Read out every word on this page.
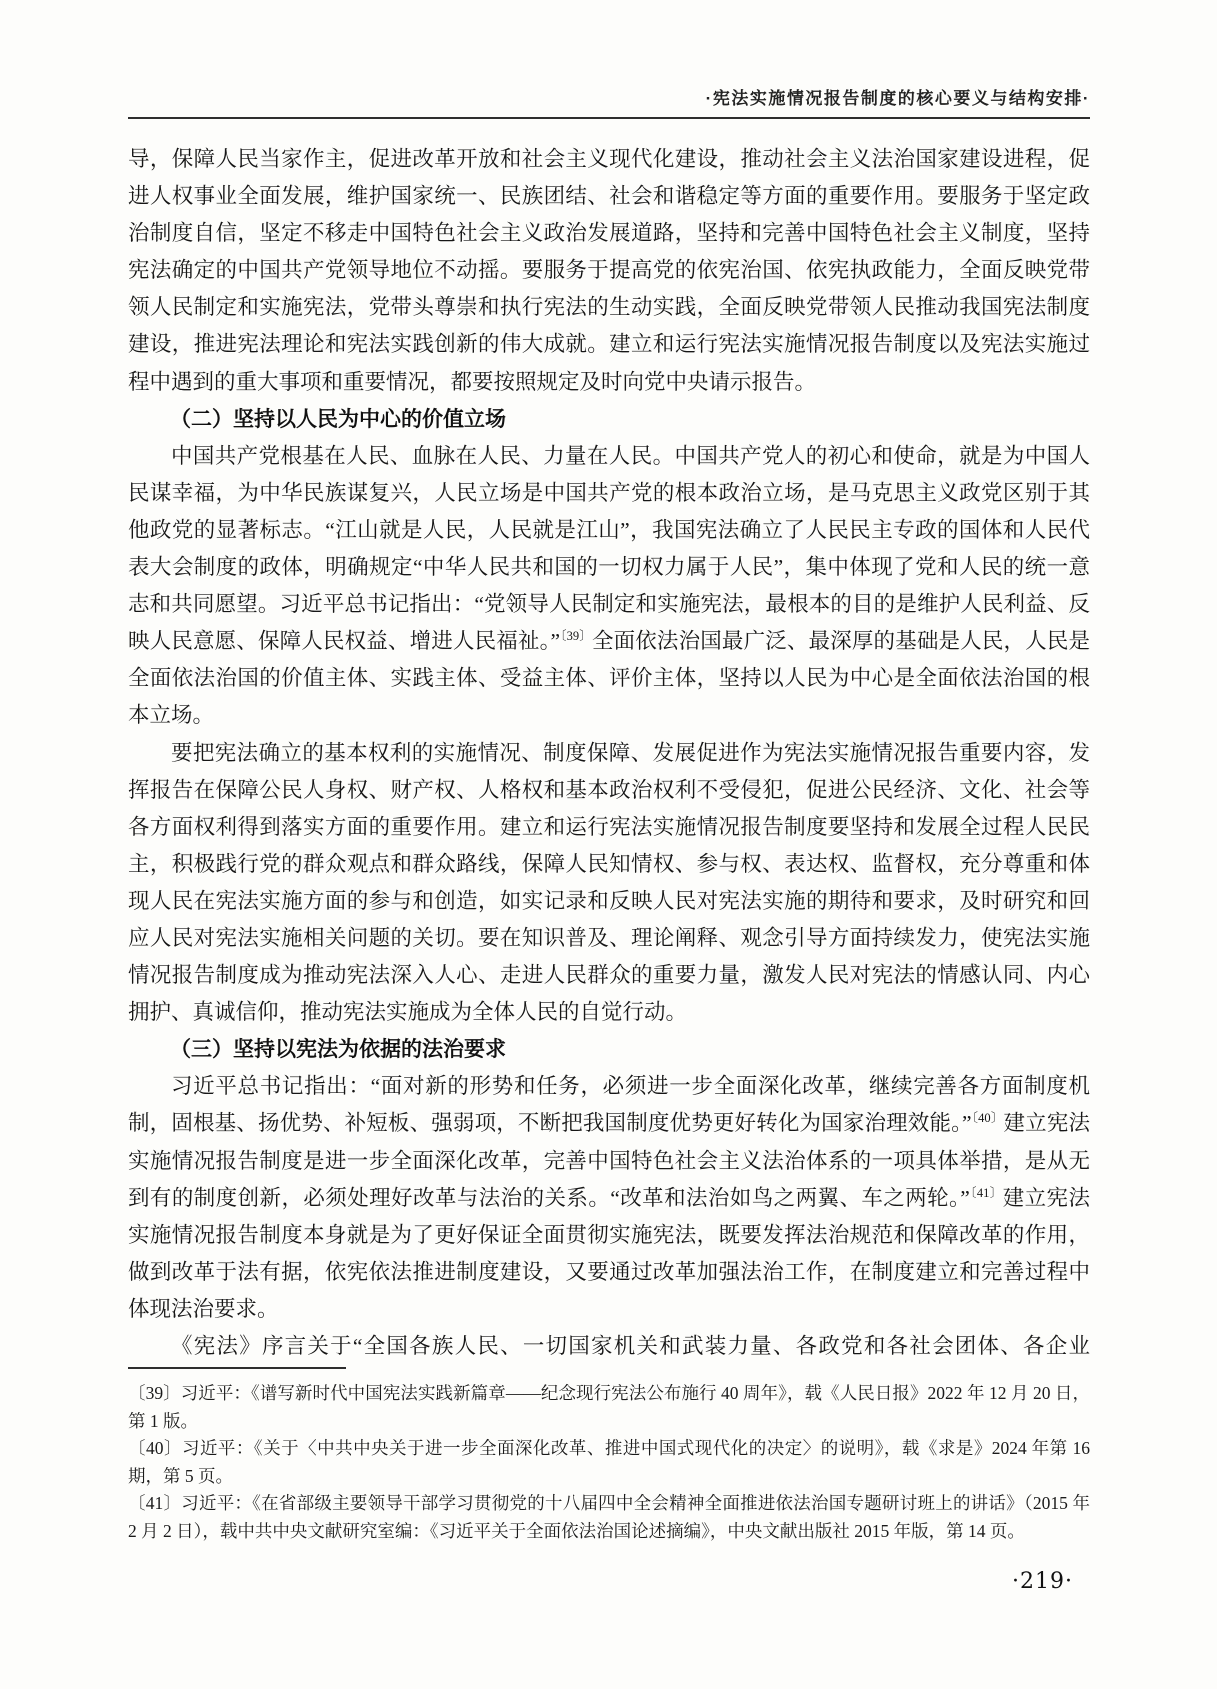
·宪法实施情况报告制度的核心要义与结构安排·

导，保障人民当家作主，促进改革开放和社会主义现代化建设，推动社会主义法治国家建设进程，促进人权事业全面发展，维护国家统一、民族团结、社会和谐稳定等方面的重要作用。要服务于坚定政治制度自信，坚定不移走中国特色社会主义政治发展道路，坚持和完善中国特色社会主义制度，坚持宪法确定的中国共产党领导地位不动摇。要服务于提高党的依宪治国、依宪执政能力，全面反映党带领人民制定和实施宪法，党带头尊崇和执行宪法的生动实践，全面反映党带领人民推动我国宪法制度建设，推进宪法理论和宪法实践创新的伟大成就。建立和运行宪法实施情况报告制度以及宪法实施过程中遇到的重大事项和重要情况，都要按照规定及时向党中央请示报告。

（二）坚持以人民为中心的价值立场

中国共产党根基在人民、血脉在人民、力量在人民。中国共产党人的初心和使命，就是为中国人民谋幸福，为中华民族谋复兴，人民立场是中国共产党的根本政治立场，是马克思主义政党区别于其他政党的显著标志。“江山就是人民，人民就是江山”，我国宪法确立了人民民主专政的国体和人民代表大会制度的政体，明确规定“中华人民共和国的一切权力属于人民”，集中体现了党和人民的统一意志和共同愿望。习近平总书记指出：“党领导人民制定和实施宪法，最根本的目的是维护人民利益、反映人民意愿、保障人民权益、增进人民福祉。”$^{〔39〕}$全面依法治国最广泛、最深厚的基础是人民，人民是全面依法治国的价值主体、实践主体、受益主体、评价主体，坚持以人民为中心是全面依法治国的根本立场。

要把宪法确立的基本权利的实施情况、制度保障、发展促进作为宪法实施情况报告重要内容，发挥报告在保障公民人身权、财产权、人格权和基本政治权利不受侵犯，促进公民经济、文化、社会等各方面权利得到落实方面的重要作用。建立和运行宪法实施情况报告制度要坚持和发展全过程人民民主，积极践行党的群众观点和群众路线，保障人民知情权、参与权、表达权、监督权，充分尊重和体现人民在宪法实施方面的参与和创造，如实记录和反映人民对宪法实施的期待和要求，及时研究和回应人民对宪法实施相关问题的关切。要在知识普及、理论阐释、观念引导方面持续发力，使宪法实施情况报告制度成为推动宪法深入人心、走进人民群众的重要力量，激发人民对宪法的情感认同、内心拥护、真诚信仰，推动宪法实施成为全体人民的自觉行动。

（三）坚持以宪法为依据的法治要求

习近平总书记指出：“面对新的形势和任务，必须进一步全面深化改革，继续完善各方面制度机制，固根基、扬优势、补短板、强弱项，不断把我国制度优势更好转化为国家治理效能。”$^{〔40〕}$建立宪法实施情况报告制度是进一步全面深化改革，完善中国特色社会主义法治体系的一项具体举措，是从无到有的制度创新，必须处理好改革与法治的关系。“改革和法治如鸟之两翼、车之两轮。”$^{〔41〕}$建立宪法实施情况报告制度本身就是为了更好保证全面贯彻实施宪法，既要发挥法治规范和保障改革的作用，做到改革于法有据，依宪依法推进制度建设，又要通过改革加强法治工作，在制度建立和完善过程中体现法治要求。

《宪法》序言关于“全国各族人民、一切国家机关和武装力量、各政党和各社会团体、各企业

〔39〕习近平：《谱写新时代中国宪法实践新篇章——纪念现行宪法公布施行 40 周年》，载《人民日报》2022 年 12 月 20 日，第 1 版。

〔40〕习近平：《关于〈中共中央关于进一步全面深化改革、推进中国式现代化的决定〉的说明》，载《求是》2024 年第 16 期，第 5 页。

〔41〕习近平：《在省部级主要领导干部学习贯彻党的十八届四中全会精神全面推进依法治国专题研讨班上的讲话》（2015 年 2 月 2 日），载中共中央文献研究室编：《习近平关于全面依法治国论述摘编》，中央文献出版社 2015 年版，第 14 页。

·219·
